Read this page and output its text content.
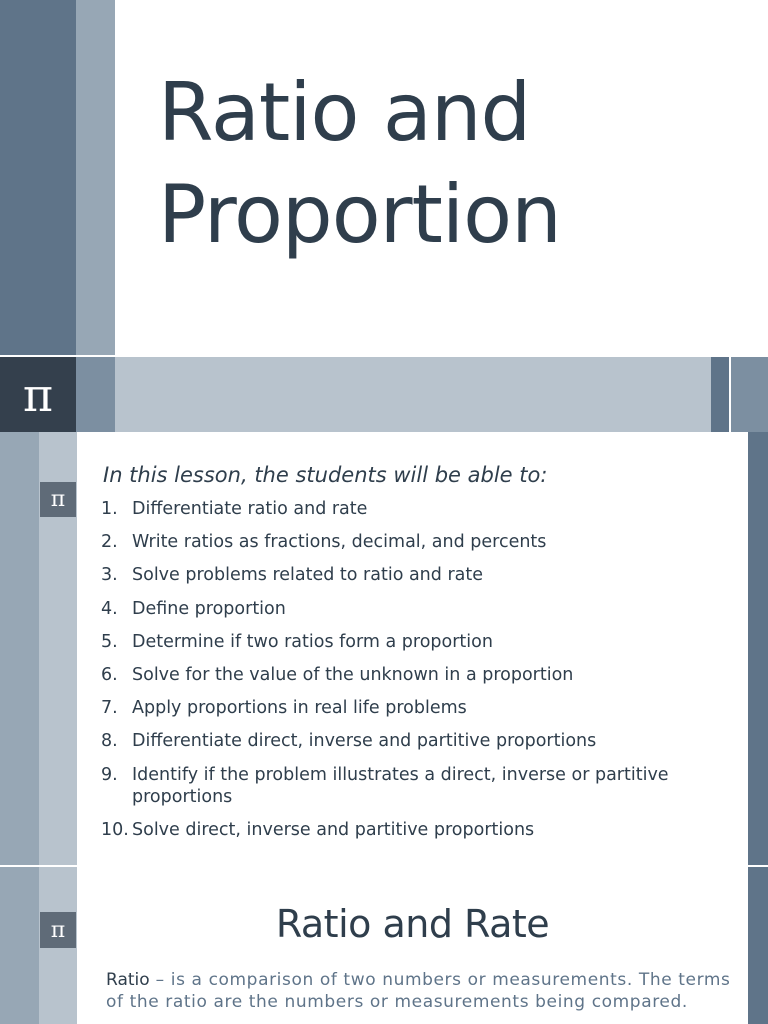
Ratio and
Proportion
π
π
In this lesson, the students will be able to:
1. Differentiate ratio and rate
2. Write ratios as fractions, decimal, and percents
3. Solve problems related to ratio and rate
4. Define proportion
5. Determine if two ratios form a proportion
6. Solve for the value of the unknown in a proportion
7. Apply proportions in real life problems
8. Differentiate direct, inverse and partitive proportions
9. Identify if the problem illustrates a direct, inverse or partitive proportions
10. Solve direct, inverse and partitive proportions
π	Ratio and Rate
Ratio – is a comparison of two numbers or measurements. The terms of the ratio are the numbers or measurements being compared.
